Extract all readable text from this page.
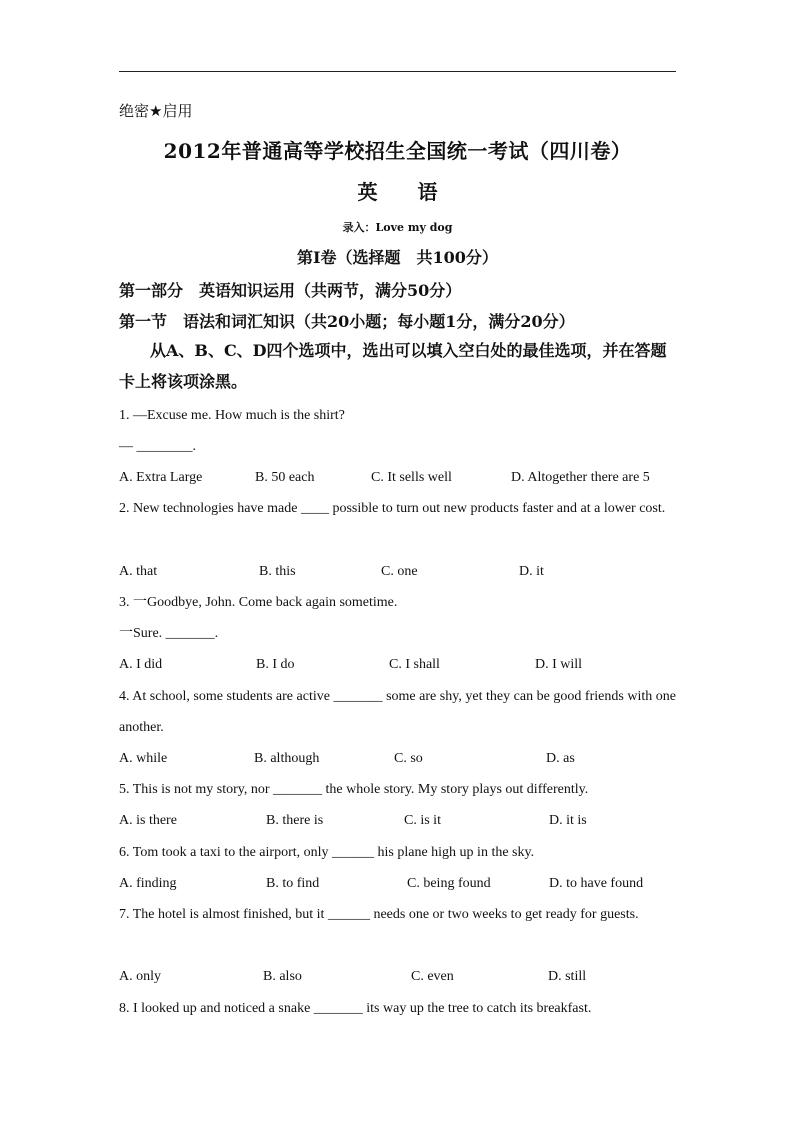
绝密★启用
2012年普通高等学校招生全国统一考试（四川卷）
英　　语
录入：Love my dog
第Ⅰ卷（选择题　共100分）
第一部分　英语知识运用（共两节，满分50分）
第一节　语法和词汇知识（共20小题；每小题1分，满分20分）
从A、B、C、D四个选项中，选出可以填入空白处的最佳选项，并在答题卡上将该项涂黑。
1. —Excuse me. How much is the shirt?
— ________.
A. Extra Large	B. 50 each	C. It sells well	D. Altogether there are 5
2. New technologies have made ____ possible to turn out new products faster and at a lower cost.
A. that	B. this	C. one	D. it
3. 一Goodbye, John. Come back again sometime.
一Sure. _______.
A. I did	B. I do	C. I shall	D. I will
4. At school, some students are active _______ some are shy, yet they can be good friends with one another.
A. while	B. although	C. so	D. as
5. This is not my story, nor _______ the whole story. My story plays out differently.
A. is there	B. there is	C. is it	D. it is
6. Tom took a taxi to the airport, only ______ his plane high up in the sky.
A. finding	B. to find	C. being found	D. to have found
7. The hotel is almost finished, but it ______ needs one or two weeks to get ready for guests.
A. only	B. also	C. even	D. still
8. I looked up and noticed a snake _______ its way up the tree to catch its breakfast.
